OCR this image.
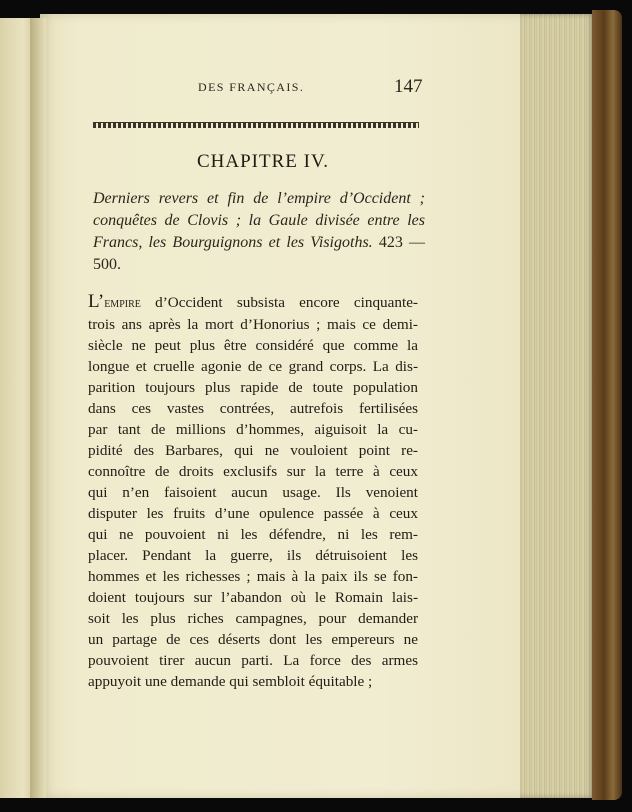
DES FRANÇAIS.	147
CHAPITRE IV.
Derniers revers et fin de l’empire d’Occident ; conquêtes de Clovis ; la Gaule divisée entre les Francs, les Bourguignons et les Visigoths. 423 — 500.
L’empire d’Occident subsista encore cinquante-
trois ans après la mort d’Honorius ; mais ce demi-
siècle ne peut plus être considéré que comme la
longue et cruelle agonie de ce grand corps. La dis-
parition toujours plus rapide de toute population
dans ces vastes contrées, autrefois fertilisées
par tant de millions d’hommes, aiguisoit la cu-
pidité des Barbares, qui ne vouloient point re-
connoître de droits exclusifs sur la terre à ceux
qui n’en faisoient aucun usage. Ils venoient
disputer les fruits d’une opulence passée à ceux
qui ne pouvoient ni les défendre, ni les rem-
placer. Pendant la guerre, ils détruisoient les
hommes et les richesses ; mais à la paix ils se fon-
doient toujours sur l’abandon où le Romain lais-
soit les plus riches campagnes, pour demander
un partage de ces déserts dont les empereurs ne
pouvoient tirer aucun parti. La force des armes
appuyoit une demande qui sembloit équitable ;
